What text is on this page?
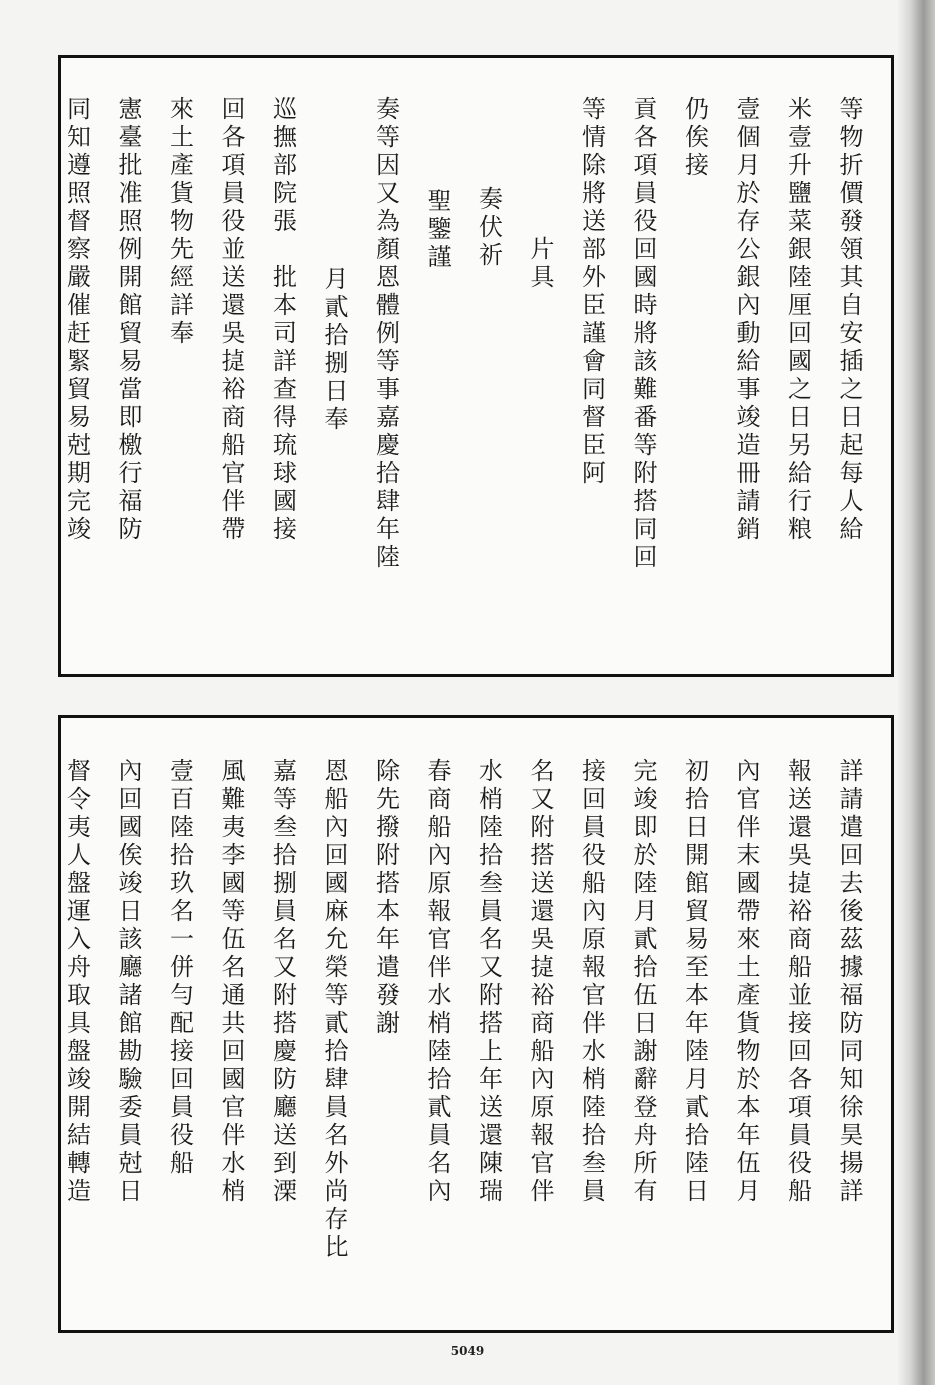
等物折價發領其自安插之日起每人給
米壹升鹽菜銀陸厘回國之日另給行粮
壹個月於存公銀內動給事竣造冊請銷
仍俟接
貢各項員役回國時將該難番等附搭同回
等情除將送部外臣謹會同督臣阿
片具
奏伏祈
聖鑒謹
奏等因又為顏恩體例等事嘉慶拾肆年陸
月貳拾捌日奉
巡撫部院張　批本司詳查得琉球國接
回各項員役並送還吳㨗裕商船官伴帶
來土產貨物先經詳奉
憲臺批准照例開館貿易當即檄行福防
同知遵照督察嚴催赶緊貿易尅期完竣
詳請遣回去後茲據福防同知徐昊揚詳
報送還吳㨗裕商船並接回各項員役船
內官伴末國帶來土產貨物於本年伍月
初拾日開館貿易至本年陸月貳拾陸日
完竣即於陸月貳拾伍日謝辭登舟所有
接回員役船內原報官伴水梢陸拾叁員
名又附搭送還吳㨗裕商船內原報官伴
水梢陸拾叁員名又附搭上年送還陳瑞
春商船內原報官伴水梢陸拾貳員名內
除先撥附搭本年遣發謝
恩船內回國麻允榮等貳拾肆員名外尚存比
嘉等叁拾捌員名又附搭慶防廳送到溧
風難夷李國等伍名通共回國官伴水梢
壹百陸拾玖名一併勻配接回員役船
內回國俟竣日該廳諸館勘驗委員尅日
督令夷人盤運入舟取具盤竣開結轉造
5049
